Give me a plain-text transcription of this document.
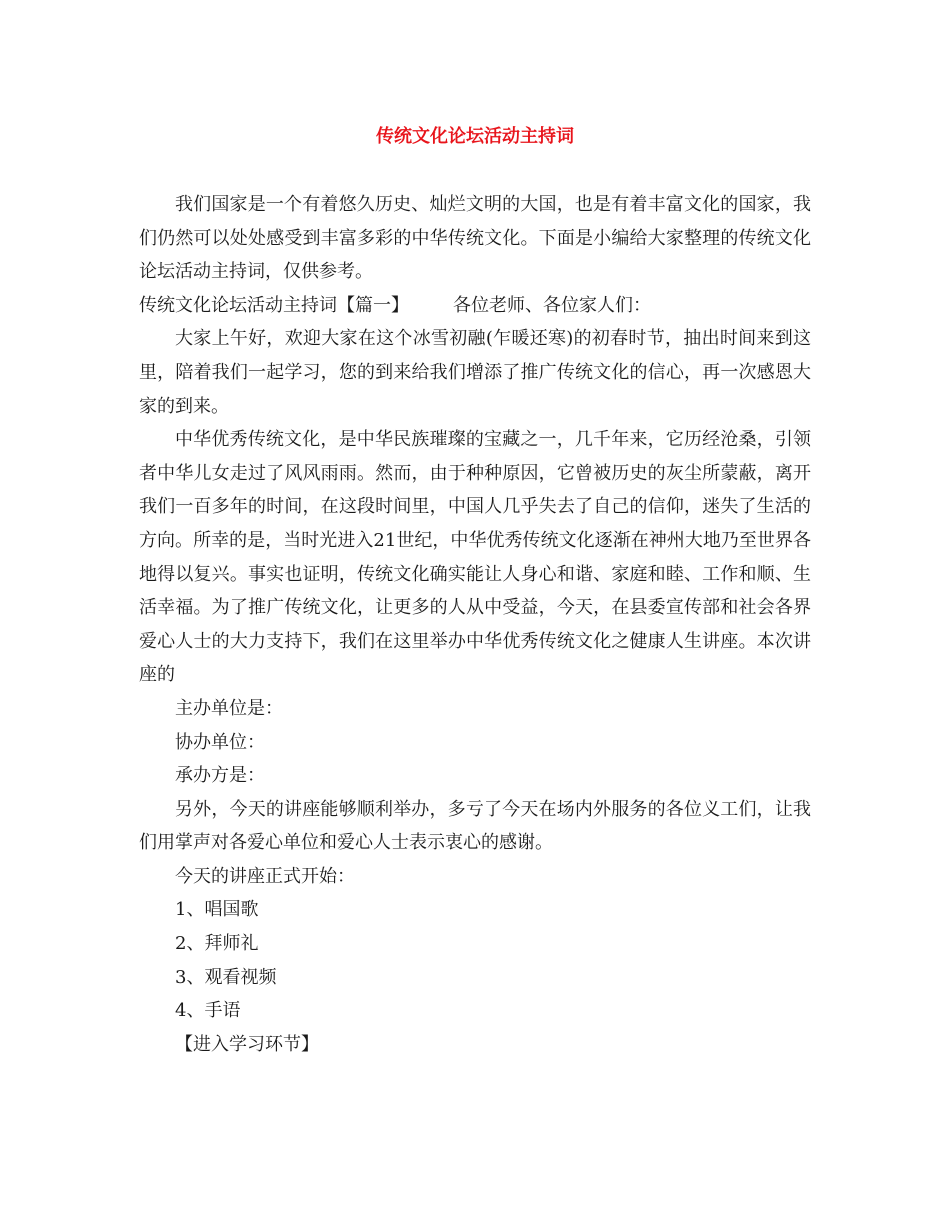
传统文化论坛活动主持词

我们国家是一个有着悠久历史、灿烂文明的大国，也是有着丰富文化的国家，我们仍然可以处处感受到丰富多彩的中华传统文化。下面是小编给大家整理的传统文化论坛活动主持词，仅供参考。

传统文化论坛活动主持词【篇一】 各位老师、各位家人们：

大家上午好，欢迎大家在这个冰雪初融(乍暖还寒)的初春时节，抽出时间来到这里，陪着我们一起学习，您的到来给我们增添了推广传统文化的信心，再一次感恩大家的到来。

中华优秀传统文化，是中华民族璀璨的宝藏之一，几千年来，它历经沧桑，引领者中华儿女走过了风风雨雨。然而，由于种种原因，它曾被历史的灰尘所蒙蔽，离开我们一百多年的时间，在这段时间里，中国人几乎失去了自己的信仰，迷失了生活的方向。所幸的是，当时光进入21世纪，中华优秀传统文化逐渐在神州大地乃至世界各地得以复兴。事实也证明，传统文化确实能让人身心和谐、家庭和睦、工作和顺、生活幸福。为了推广传统文化，让更多的人从中受益，今天，在县委宣传部和社会各界爱心人士的大力支持下，我们在这里举办中华优秀传统文化之健康人生讲座。本次讲座的

主办单位是：

协办单位：

承办方是：

另外，今天的讲座能够顺利举办，多亏了今天在场内外服务的各位义工们，让我们用掌声对各爱心单位和爱心人士表示衷心的感谢。

今天的讲座正式开始：

1、唱国歌

2、拜师礼

3、观看视频

4、手语

【进入学习环节】
